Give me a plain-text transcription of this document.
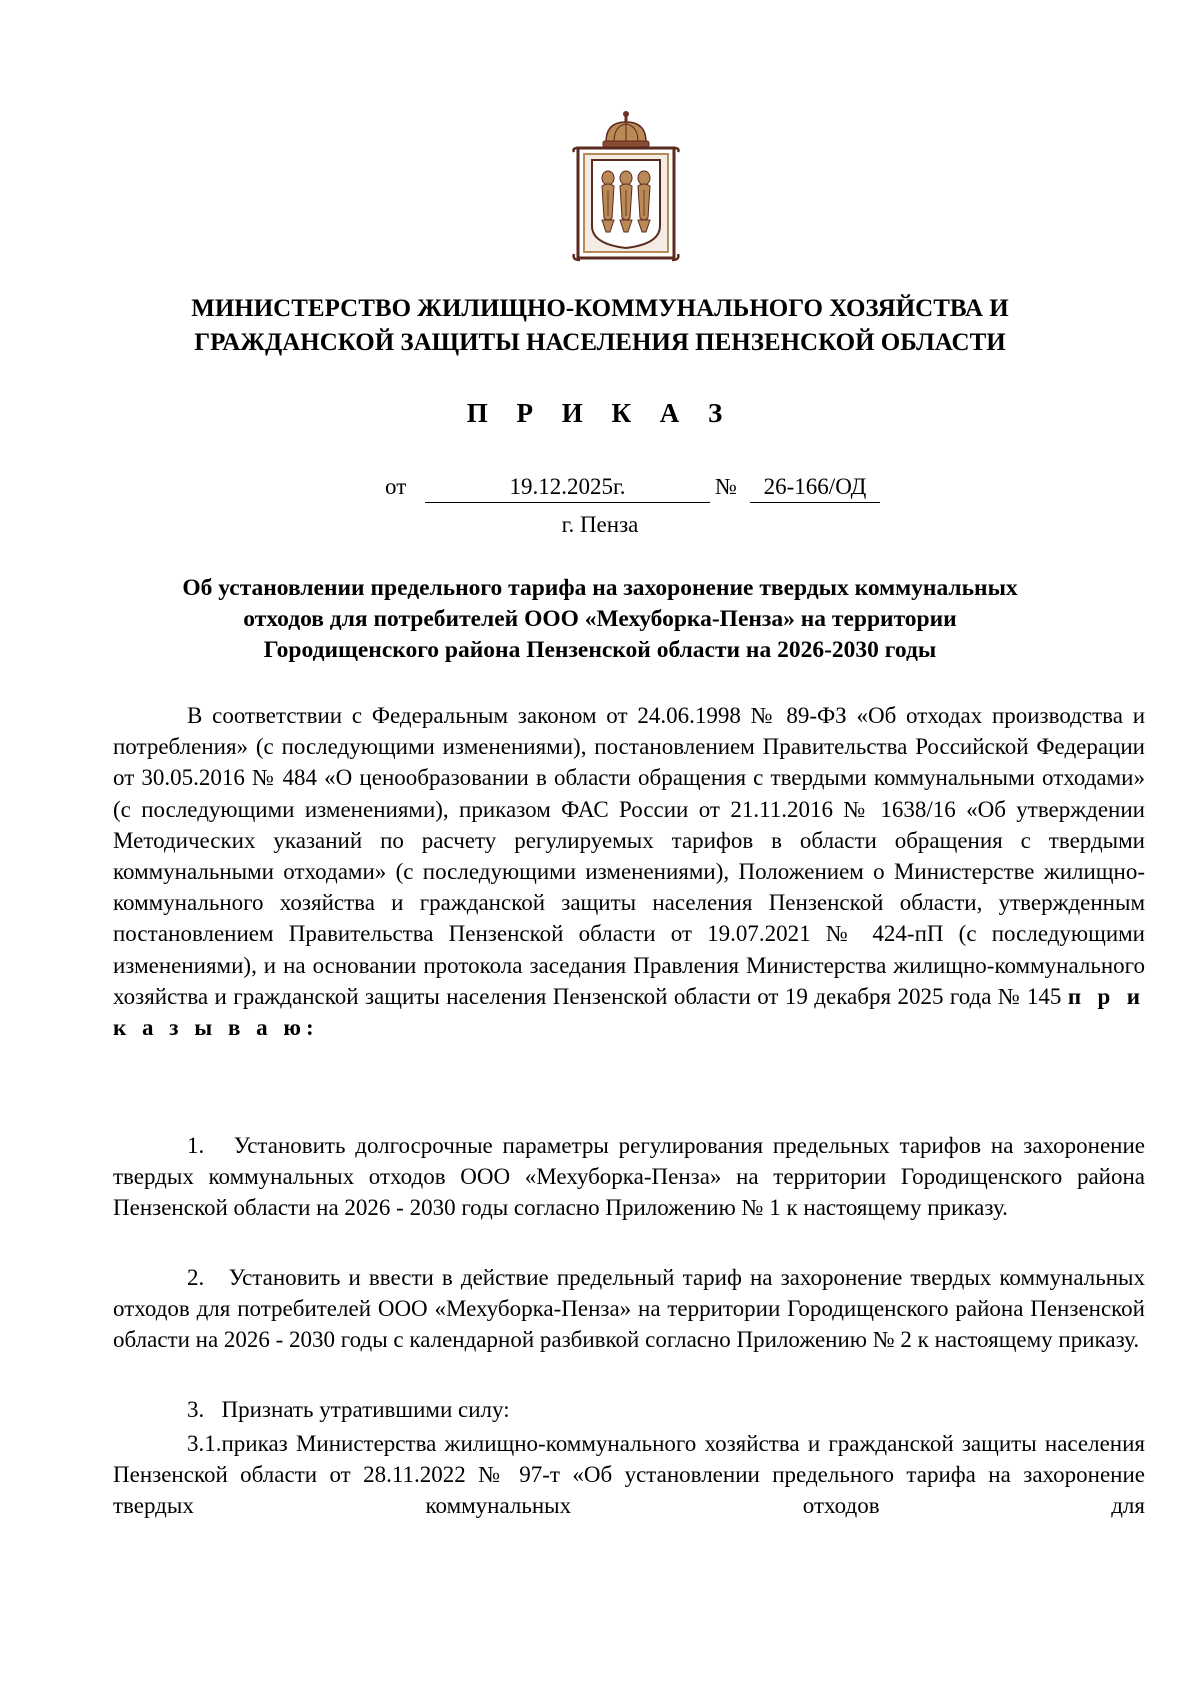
МИНИСТЕРСТВО ЖИЛИЩНО-КОММУНАЛЬНОГО ХОЗЯЙСТВА И
ГРАЖДАНСКОЙ ЗАЩИТЫ НАСЕЛЕНИЯ ПЕНЗЕНСКОЙ ОБЛАСТИ
П Р И К А З
от	19.12.2025г.	№	26-166/ОД
г. Пенза
Об установлении предельного тарифа на захоронение твердых коммунальных
отходов для потребителей ООО «Мехуборка-Пенза» на территории
Городищенского района Пензенской области на 2026-2030 годы
В соответствии с Федеральным законом от 24.06.1998 № 89-ФЗ «Об отходах производства и потребления» (с последующими изменениями), постановлением Правительства Российской Федерации от 30.05.2016 № 484 «О ценообразовании в области обращения с твердыми коммунальными отходами» (с последующими изменениями), приказом ФАС России от 21.11.2016 № 1638/16 «Об утверждении Методических указаний по расчету регулируемых тарифов в области обращения с твердыми коммунальными отходами» (с последующими изменениями), Положением о Министерстве жилищно-коммунального хозяйства и гражданской защиты населения Пензенской области, утвержденным постановлением Правительства Пензенской области от 19.07.2021 № 424-пП (с последующими изменениями), и на основании протокола заседания Правления Министерства жилищно-коммунального хозяйства и гражданской защиты населения Пензенской области от 19 декабря 2025 года № 145 п р и к а з ы в а ю:
1. Установить долгосрочные параметры регулирования предельных тарифов на захоронение твердых коммунальных отходов ООО «Мехуборка-Пенза» на территории Городищенского района Пензенской области на 2026 - 2030 годы согласно Приложению № 1 к настоящему приказу.
2. Установить и ввести в действие предельный тариф на захоронение твердых коммунальных отходов для потребителей ООО «Мехуборка-Пенза» на территории Городищенского района Пензенской области на 2026 - 2030 годы с календарной разбивкой согласно Приложению № 2 к настоящему приказу.
3. Признать утратившими силу:
3.1.приказ Министерства жилищно-коммунального хозяйства и гражданской защиты населения Пензенской области от 28.11.2022 № 97-т «Об установлении предельного тарифа на захоронение твердых коммунальных отходов для
